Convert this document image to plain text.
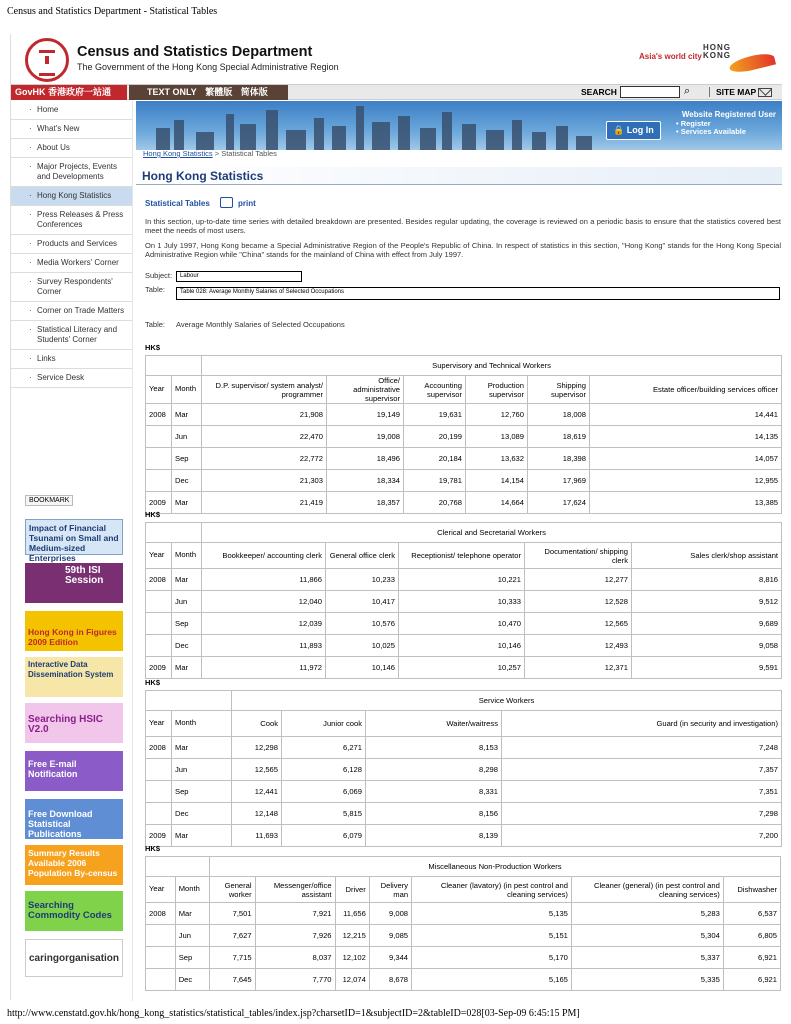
Census and Statistics Department - Statistical Tables
Census and Statistics Department
The Government of the Hong Kong Special Administrative Region
Asia's world city
HONG
KONG
GovHK 香港政府一站通	TEXT ONLY 繁體版 简体版	SEARCH	⌕	SITE MAP
· Home
· What's New
· About Us
· Major Projects, Events and Developments
· Hong Kong Statistics
· Press Releases & Press Conferences
· Products and Services
· Media Workers' Corner
· Survey Respondents' Corner
· Corner on Trade Matters
· Statistical Literacy and Students' Corner
· Links
· Service Desk
BOOKMARK
Impact of Financial Tsunami on Small and Medium-sized Enterprises
59th ISI Session
Hong Kong in Figures 2009 Edition
Interactive Data Dissemination System
Searching HSIC V2.0
Free E-mail Notification
Free Download Statistical Publications
Summary Results Available 2006 Population By-census
Searching Commodity Codes
caringorganisation
🔒 Log In
Website Registered User
• Register
• Services Available
Hong Kong Statistics > Statistical Tables
Hong Kong Statistics
Statistical Tables	print
In this section, up-to-date time series with detailed breakdown are presented. Besides regular updating, the coverage is reviewed on a periodic basis to ensure that the statistics covered best meet the needs of most users.
On 1 July 1997, Hong Kong became a Special Administrative Region of the People's Republic of China. In respect of statistics in this section, "Hong Kong" stands for the Hong Kong Special Administrative Region while "China" stands for the mainland of China with effect from July 1997.
Subject:	Labour
Table:	Table 028: Average Monthly Salaries of Selected Occupations
Table: Average Monthly Salaries of Selected Occupations
HK$
		Supervisory and Technical Workers					
Year	Month	D.P. supervisor/ system analyst/ programmer	Office/ administrative supervisor	Accounting supervisor	Production supervisor	Shipping supervisor	Estate officer/building services officer
2008	Mar	21,908	19,149	19,631	12,760	18,008	14,441
	Jun	22,470	19,008	20,199	13,089	18,619	14,135
	Sep	22,772	18,496	20,184	13,632	18,398	14,057
	Dec	21,303	18,334	19,781	14,154	17,969	12,955
2009	Mar	21,419	18,357	20,768	14,664	17,624	13,385
HK$
		Clerical and Secretarial Workers				
Year	Month	Bookkeeper/ accounting clerk	General office clerk	Receptionist/ telephone operator	Documentation/ shipping clerk	Sales clerk/shop assistant
2008	Mar	11,866	10,233	10,221	12,277	8,816
	Jun	12,040	10,417	10,333	12,528	9,512
	Sep	12,039	10,576	10,470	12,565	9,689
	Dec	11,893	10,025	10,146	12,493	9,058
2009	Mar	11,972	10,146	10,257	12,371	9,591
HK$
		Service Workers			
Year	Month	Cook	Junior cook	Waiter/waitress	Guard (in security and investigation)
2008	Mar	12,298	6,271	8,153	7,248
	Jun	12,565	6,128	8,298	7,357
	Sep	12,441	6,069	8,331	7,351
	Dec	12,148	5,815	8,156	7,298
2009	Mar	11,693	6,079	8,139	7,200
HK$
		Miscellaneous Non-Production Workers						
Year	Month	General worker	Messenger/office assistant	Driver	Delivery man	Cleaner (lavatory) (in pest control and cleaning services)	Cleaner (general) (in pest control and cleaning services)	Dishwasher
2008	Mar	7,501	7,921	11,656	9,008	5,135	5,283	6,537
	Jun	7,627	7,926	12,215	9,085	5,151	5,304	6,805
	Sep	7,715	8,037	12,102	9,344	5,170	5,337	6,921
	Dec	7,645	7,770	12,074	8,678	5,165	5,335	6,921
http://www.censtatd.gov.hk/hong_kong_statistics/statistical_tables/index.jsp?charsetID=1&subjectID=2&tableID=028[03-Sep-09 6:45:15 PM]
